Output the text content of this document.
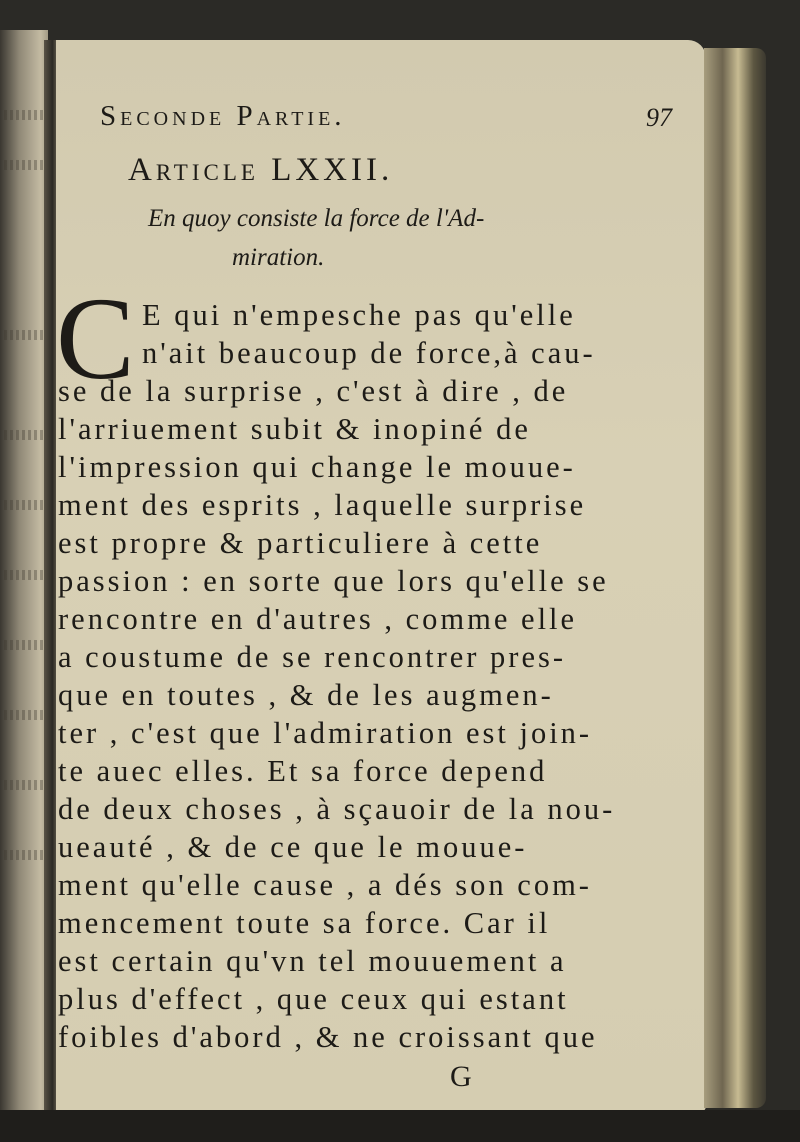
Seconde Partie.	97
Article LXXII.
En quoy consiste la force de l'Ad-
miration.
C E qui n'empesche pas qu'elle
n'ait beaucoup de force,à cau-
se de la surprise , c'est à dire , de
l'arriuement subit & inopiné de
l'impression qui change le mouue-
ment des esprits , laquelle surprise
est propre & particuliere à cette
passion : en sorte que lors qu'elle se
rencontre en d'autres , comme elle
a coustume de se rencontrer pres-
que en toutes , & de les augmen-
ter , c'est que l'admiration est join-
te auec elles. Et sa force depend
de deux choses , à sçauoir de la nou-
ueauté , & de ce que le mouue-
ment qu'elle cause , a dés son com-
mencement toute sa force. Car il
est certain qu'vn tel mouuement a
plus d'effect , que ceux qui estant
foibles d'abord , & ne croissant que
G
